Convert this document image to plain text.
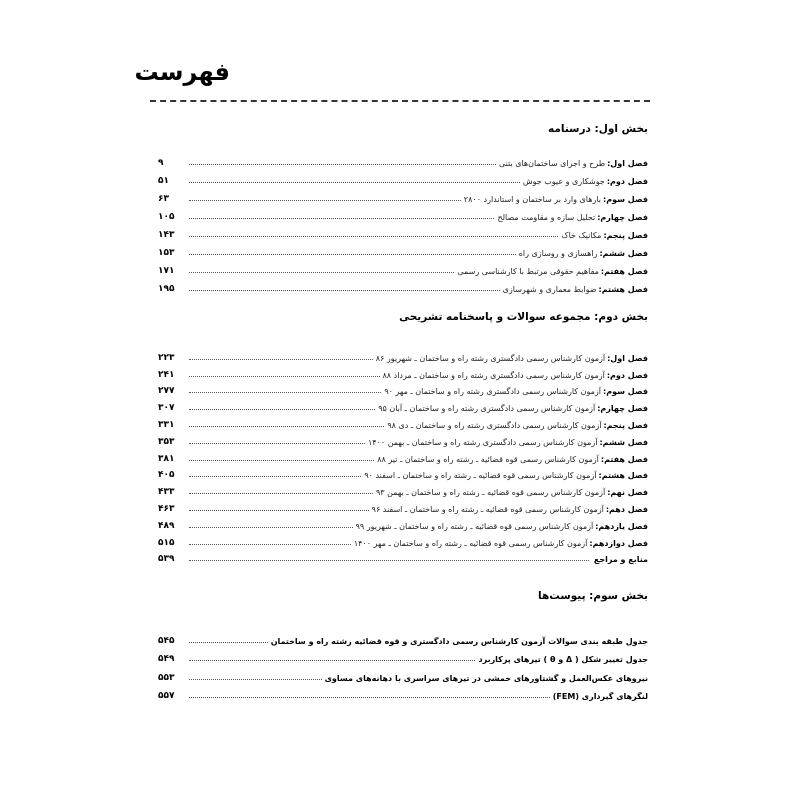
فهرست
بخش اول: درسنامه
فصل اول:
طرح و اجرای ساختمان‌های بتنی
۹
فصل دوم:
جوشکاری و عیوب جوش
۵۱
فصل سوم:
بارهای وارد بر ساختمان و استاندارد ۲۸۰۰
۶۳
فصل چهارم:
تحلیل سازه و مقاومت مصالح
۱۰۵
فصل پنجم:
مکانیک خاک
۱۴۳
فصل ششم:
راهسازی و روسازی راه
۱۵۳
فصل هفتم:
مفاهیم حقوقی مرتبط با کارشناسی رسمی
۱۷۱
فصل هشتم:
ضوابط معماری و شهرسازی
۱۹۵
بخش دوم: مجموعه سوالات و پاسخنامه تشریحی
فصل اول:
آزمون کارشناس رسمی دادگستری رشته راه و ساختمان ـ شهریور ۸۶
۲۲۳
فصل دوم:
آزمون کارشناس رسمی دادگستری رشته راه و ساختمان ـ مرداد ۸۸
۲۴۱
فصل سوم:
آزمون کارشناس رسمی دادگستری رشته راه و ساختمان ـ مهر ۹۰
۲۷۷
فصل چهارم:
آزمون کارشناس رسمی دادگستری رشته راه و ساختمان ـ آبان ۹۵
۳۰۷
فصل پنجم:
آزمون کارشناس رسمی دادگستری رشته راه و ساختمان ـ دی ۹۸
۳۳۱
فصل ششم:
آزمون کارشناس رسمی دادگستری رشته راه و ساختمان ـ بهمن ۱۴۰۰
۳۵۳
فصل هفتم:
آزمون کارشناس رسمی قوه قضائیه ـ رشته راه و ساختمان ـ تیر ۸۸
۳۸۱
فصل هشتم:
آزمون کارشناس رسمی قوه قضائیه ـ رشته راه و ساختمان ـ اسفند ۹۰
۴۰۵
فصل نهم:
آزمون کارشناس رسمی قوه قضائیه ـ رشته راه و ساختمان ـ بهمن ۹۳
۴۳۳
فصل دهم:
آزمون کارشناس رسمی قوه قضائیه ـ رشته راه و ساختمان ـ اسفند ۹۶
۴۶۳
فصل یازدهم:
آزمون کارشناس رسمی قوه قضائیه ـ رشته راه و ساختمان ـ شهریور ۹۹
۴۸۹
فصل دوازدهم:
آزمون کارشناس رسمی قوه قضائیه ـ رشته راه و ساختمان ـ مهر ۱۴۰۰
۵۱۵
منابع و مراجع
۵۳۹
بخش سوم: پیوست‌ها
جدول طبقه بندی سوالات آزمون کارشناس رسمی دادگستری و قوه قضائیه رشته راه و ساختمان
۵۴۵
جدول تغییر شکل ( Δ و θ ) تیرهای پرکاربرد
۵۴۹
نیروهای عکس‌العمل و گشتاورهای خمشی در تیرهای سراسری با دهانه‌های مساوی
۵۵۳
لنگرهای گیرداری (FEM)
۵۵۷
